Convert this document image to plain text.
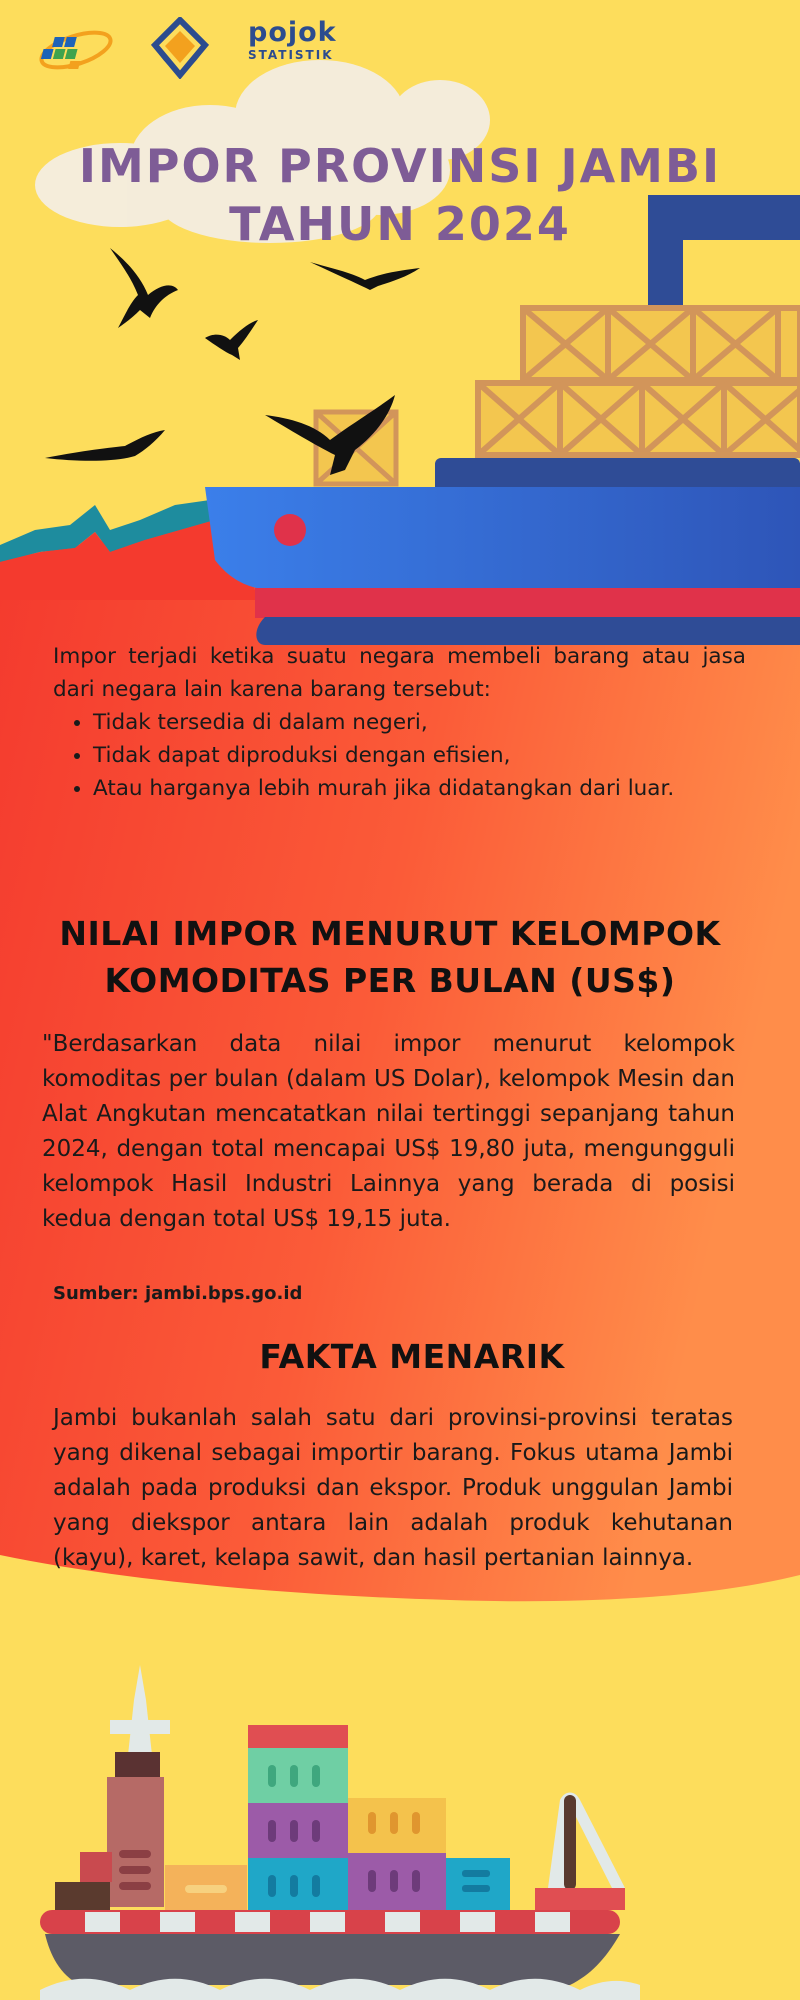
pojok
STATISTIK
IMPOR PROVINSI JAMBI
TAHUN 2024
Impor terjadi ketika suatu negara membeli barang atau jasa dari negara lain karena barang tersebut:
• Tidak tersedia di dalam negeri,
• Tidak dapat diproduksi dengan efisien,
• Atau harganya lebih murah jika didatangkan dari luar.
NILAI IMPOR MENURUT KELOMPOK
KOMODITAS PER BULAN (US$)
"Berdasarkan data nilai impor menurut kelompok komoditas per bulan (dalam US Dolar), kelompok Mesin dan Alat Angkutan mencatatkan nilai tertinggi sepanjang tahun 2024, dengan total mencapai US$ 19,80 juta, mengungguli kelompok Hasil Industri Lainnya yang berada di posisi kedua dengan total US$ 19,15 juta.
Sumber: jambi.bps.go.id
FAKTA MENARIK
Jambi bukanlah salah satu dari provinsi-provinsi teratas yang dikenal sebagai importir barang. Fokus utama Jambi adalah pada produksi dan ekspor. Produk unggulan Jambi yang diekspor antara lain adalah produk kehutanan (kayu), karet, kelapa sawit, dan hasil pertanian lainnya.
